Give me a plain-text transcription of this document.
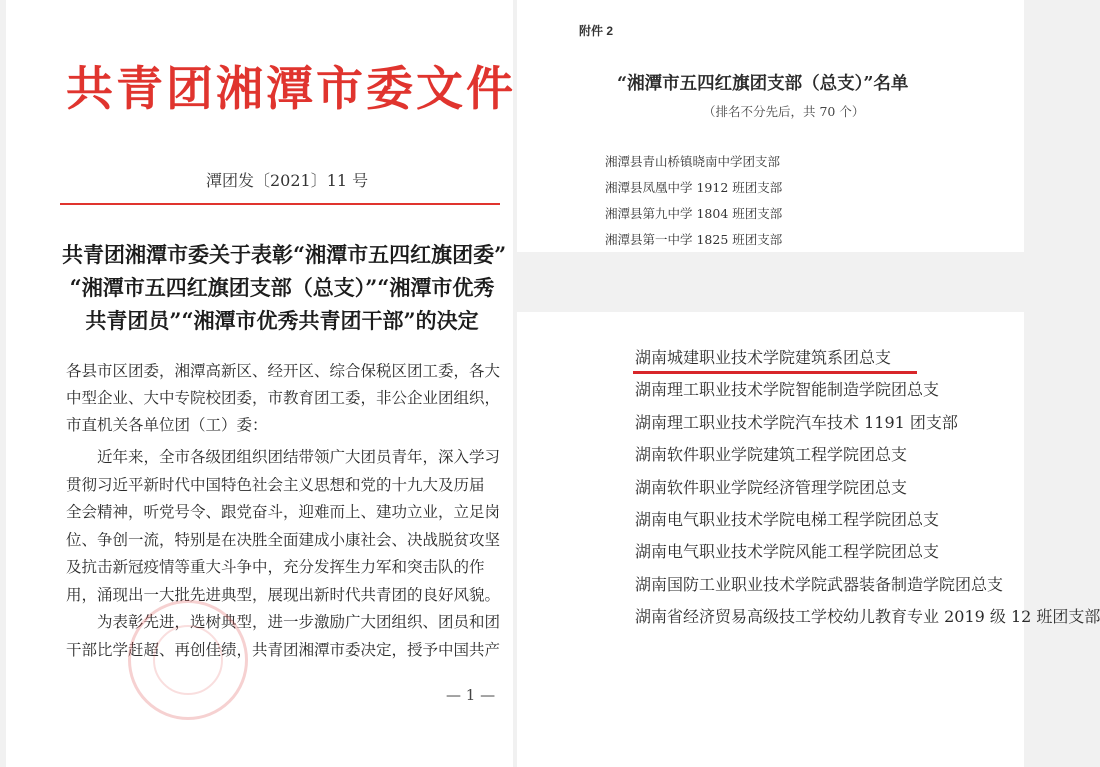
共青团湘潭市委文件
潭团发〔2021〕11 号
共青团湘潭市委关于表彰“湘潭市五四红旗团委”
“湘潭市五四红旗团支部（总支）”“湘潭市优秀
共青团员”“湘潭市优秀共青团干部”的决定
各县市区团委，湘潭高新区、经开区、综合保税区团工委，各大
中型企业、大中专院校团委，市教育团工委，非公企业团组织，
市直机关各单位团（工）委：
　　近年来，全市各级团组织团结带领广大团员青年，深入学习
贯彻习近平新时代中国特色社会主义思想和党的十九大及历届
全会精神，听党号令、跟党奋斗，迎难而上、建功立业，立足岗
位、争创一流，特别是在决胜全面建成小康社会、决战脱贫攻坚
及抗击新冠疫情等重大斗争中，充分发挥生力军和突击队的作
用，涌现出一大批先进典型，展现出新时代共青团的良好风貌。
　　为表彰先进，选树典型，进一步激励广大团组织、团员和团
干部比学赶超、再创佳绩，共青团湘潭市委决定，授予中国共产
— 1 —
附件 2
“湘潭市五四红旗团支部（总支）”名单
（排名不分先后，共 70 个）
湘潭县青山桥镇晓南中学团支部
湘潭县凤凰中学 1912 班团支部
湘潭县第九中学 1804 班团支部
湘潭县第一中学 1825 班团支部
湖南城建职业技术学院建筑系团总支
湖南理工职业技术学院智能制造学院团总支
湖南理工职业技术学院汽车技术 1191 团支部
湖南软件职业学院建筑工程学院团总支
湖南软件职业学院经济管理学院团总支
湖南电气职业技术学院电梯工程学院团总支
湖南电气职业技术学院风能工程学院团总支
湖南国防工业职业技术学院武器装备制造学院团总支
湖南省经济贸易高级技工学校幼儿教育专业 2019 级 12 班团支部
